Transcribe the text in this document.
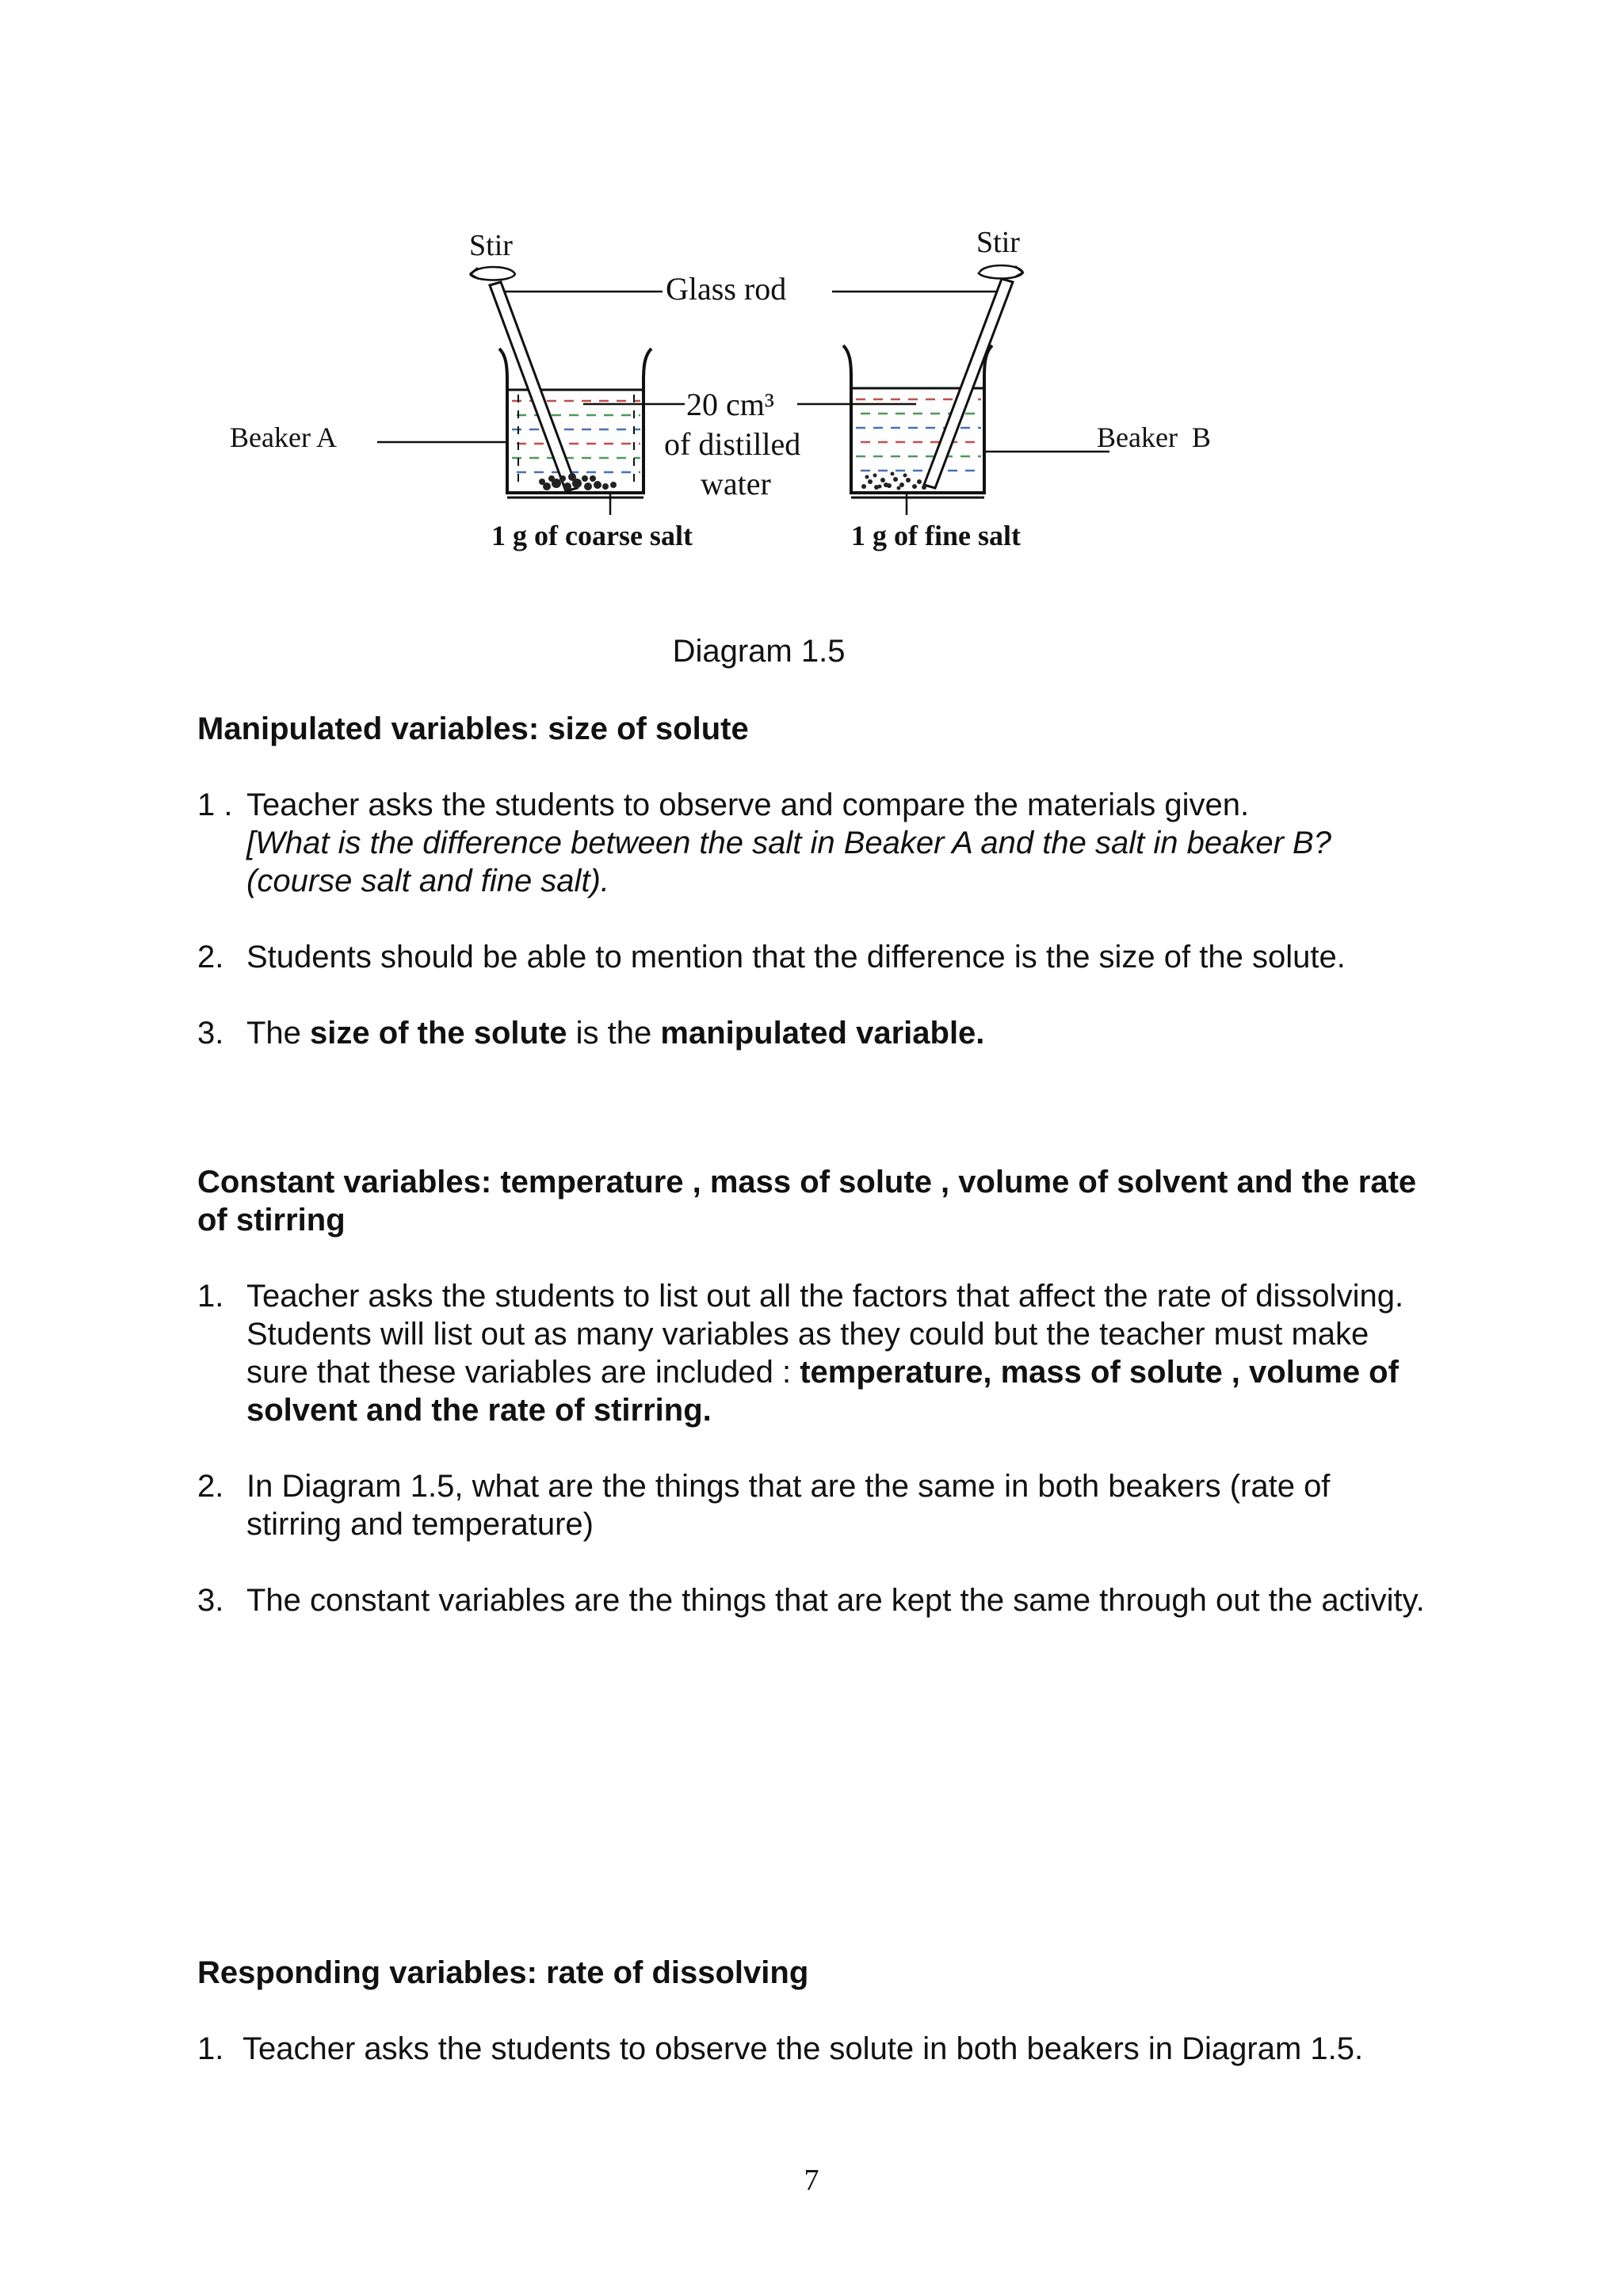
Stir	Stir
Glass rod
20 cm³
of distilled
water
Beaker A	Beaker  B
1 g of coarse salt	1 g of fine salt
Diagram 1.5
Manipulated variables: size of solute
1 . Teacher asks the students to observe and compare the materials given.
[What is the difference between the salt in Beaker A and the salt in beaker B? (course salt and fine salt).
2. Students should be able to mention that the difference is the size of the solute.
3. The size of the solute is the manipulated variable.
Constant variables: temperature , mass of solute , volume of solvent and the rate of stirring
1. Teacher asks the students to list out all the factors that affect the rate of dissolving. Students will list out as many variables as they could but the teacher must make sure that these variables are included : temperature, mass of solute , volume of solvent and the rate of stirring.
2. In Diagram 1.5, what are the things that are the same in both beakers (rate of stirring and temperature)
3. The constant variables are the things that are kept the same through out the activity.
Responding variables: rate of dissolving
1. Teacher asks the students to observe the solute in both beakers in Diagram 1.5.
7
